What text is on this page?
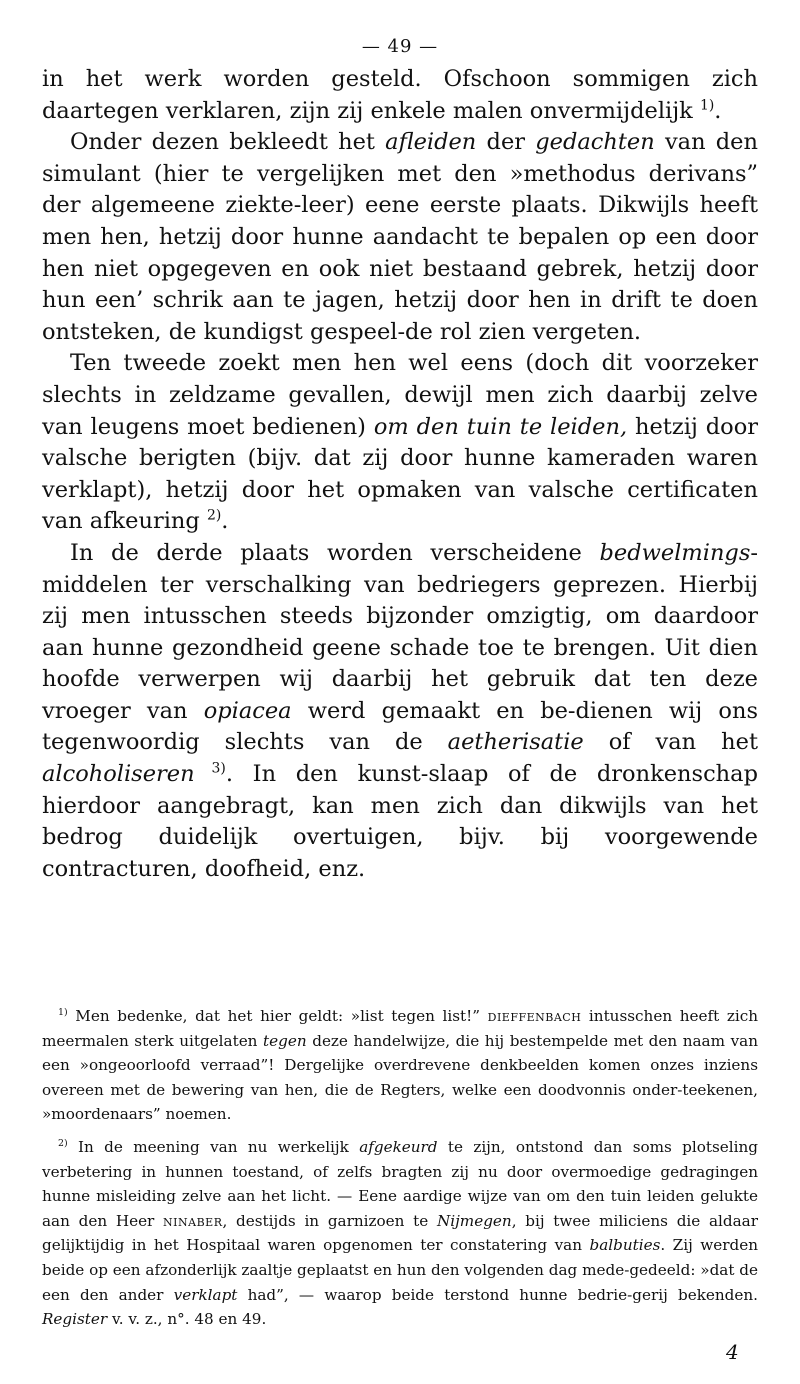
— 49 —

in het werk worden gesteld. Ofschoon sommigen zich daartegen verklaren, zijn zij enkele malen onvermijdelijk $^{1)}$.

Onder dezen bekleedt het afleiden der gedachten van den simulant (hier te vergelijken met den »methodus derivans” der algemeene ziekte-leer) eene eerste plaats. Dikwijls heeft men hen, hetzij door hunne aandacht te bepalen op een door hen niet opgegeven en ook niet bestaand gebrek, hetzij door hun een’ schrik aan te jagen, hetzij door hen in drift te doen ontsteken, de kundigst gespeel-de rol zien vergeten.

Ten tweede zoekt men hen wel eens (doch dit voorzeker slechts in zeldzame gevallen, dewijl men zich daarbij zelve van leugens moet bedienen) om den tuin te leiden, hetzij door valsche berigten (bijv. dat zij door hunne kameraden waren verklapt), hetzij door het opmaken van valsche certificaten van afkeuring $^{2)}$.

In de derde plaats worden verscheidene bedwelmings-middelen ter verschalking van bedriegers geprezen. Hierbij zij men intusschen steeds bijzonder omzigtig, om daardoor aan hunne gezondheid geene schade toe te brengen. Uit dien hoofde verwerpen wij daarbij het gebruik dat ten deze vroeger van opiacea werd gemaakt en be-dienen wij ons tegenwoordig slechts van de aetherisatie of van het alcoholiseren $^{3)}$. In den kunst-slaap of de dronkenschap hierdoor aangebragt, kan men zich dan dikwijls van het bedrog duidelijk overtuigen, bijv. bij voorgewende contracturen, doofheid, enz.

$^{1)}$ Men bedenke, dat het hier geldt: »list tegen list!” dieffenbach intusschen heeft zich meermalen sterk uitgelaten tegen deze handelwijze, die hij bestempelde met den naam van een »ongeoorloofd verraad”! Dergelijke overdrevene denkbeelden komen onzes inziens overeen met de bewering van hen, die de Regters, welke een doodvonnis onder-teekenen, »moordenaars” noemen.

$^{2)}$ In de meening van nu werkelijk afgekeurd te zijn, ontstond dan soms plotseling verbetering in hunnen toestand, of zelfs bragten zij nu door overmoedige gedragingen hunne misleiding zelve aan het licht. — Eene aardige wijze van om den tuin leiden gelukte aan den Heer ninaber, destijds in garnizoen te Nijmegen, bij twee miliciens die aldaar gelijktijdig in het Hospitaal waren opgenomen ter constatering van balbuties. Zij werden beide op een afzonderlijk zaaltje geplaatst en hun den volgenden dag mede-gedeeld: »dat de een den ander verklapt had”, — waarop beide terstond hunne bedrie-gerij bekenden. Register v. v. z., n°. 48 en 49.

4
